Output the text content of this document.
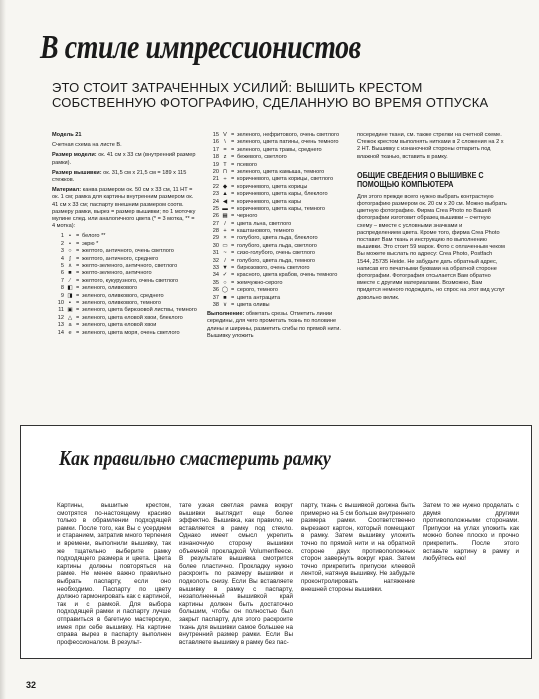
В стиле импрессионистов
ЭТО СТОИТ ЗАТРАЧЕННЫХ УСИЛИЙ: ВЫШИТЬ КРЕСТОМ СОБСТВЕННУЮ ФОТОГРАФИЮ, СДЕЛАННУЮ ВО ВРЕМЯ ОТПУСКА
Модель 21
Счетная схема на листе В.
Размер модели: ок. 41 см х 33 см (внутренний размер рамки).
Размер вышивки: ок. 31,5 см х 21,5 см = 189 х 115 стежков.
Материал: канва размером ок. 50 см х 33 см, 11 НТ = ок. 1 см; рамка для картины внутренним размером ок. 41 см х 33 см; паспарту внешним размером соотв. размеру рамки, вырез = размер вышивки; по 1 моточку мулине след. или аналогичного цвета (* = 3 мотка, ** = 4 мотка):
1 • = белого **
2 • = экрю *
3 ○ = желтого, античного, очень светлого
4 ʃ = желтого, античного, среднего
5 ∧ = желто-зеленого, античного, светлого
6 ■ = желто-зеленого, античного
7 ⁄ = желтого, кукурузного, очень светлого
8 ◧ = зеленого, оливкового
9 ◨ = зеленого, оливкового, среднего
10 ▪ = зеленого, оливкового, темного
11 ▣ = зеленого, цвета бирюзовой листвы, темного
12 △ = зеленого, цвета еловой хвои, блеклого
13 a = зеленого, цвета еловой хвои
14 e = зеленого, цвета моря, очень светлого
15 V = зеленого, нефритового, очень светлого
16 \ = зеленого, цвета патины, очень темного
17 = = зеленого, цвета травы, среднего
18 z = бежевого, светлого
19 T = псевого
20 ⊓ = зеленого, цвета камыша, темного
21 ÷ = коричневого, цвета корицы, светлого
22 ◆ = коричневого, цвета корицы
23 ▲ = коричневого, цвета кары, блеклого
24 ◀ = коричневого, цвета кары
25 ▬ = коричневого, цвета кары, темного
26 ▦ = черного
27 / = цвета льна, светлого
28 + = каштанового, темного
29 × = голубого, цвета льда, блеклого
30 ▭ = голубого, цвета льда, светлого
31 ~ = сизо-голубого, очень светлого
32 / = голубого, цвета льда, темного
33 ▼ = бирюзового, очень светлого
34 ✓ = красного, цвета крабов, очень темного
35 ○ = жемчужно-серого
36 ◯ = серого, темного
37 ■ = цвета антрацита
38 ∨ = цвета оливы
Выполнение: обметать срезы. Отметить линии середины, для чего прометать ткань по половине длины и ширины, разметить сгибы по прямой нити. Вышивку уложить
посередине ткани, см. также стрелки на счетной схеме. Стежок крестом выполнять нитками в 2 сложения на 2 х 2 НТ. Вышивку с изнаночной стороны отпарить под влажной тканью, вставить в рамку.
ОБЩИЕ СВЕДЕНИЯ О ВЫШИВКЕ С ПОМОЩЬЮ КОМПЬЮТЕРА
Для этого прежде всего нужно выбрать контрастную фотографию размером ок. 20 см х 20 см. Можно выбрать цветную фотографию. Фирма Crea Photo по Вашей фотографии изготовит образец вышивки – счетную схему – вместе с условными значками и распределением цвета. Кроме того, фирма Crea Photo поставит Вам ткань и инструкцию по выполнению вышивки. Это стоит 59 марок. Фото с оплаченным чеком Вы можете выслать по адресу: Crea Photo, Postfach 1544, 25735 Heide. Не забудьте дать обратный адрес, написав его печатными буквами на обратной стороне фотографии. Фотография отсылается Вам обратно вместе с другими материалами. Возможно, Вам придется немного подождать, но спрос на этот вид услуг довольно велик.
Как правильно смастерить рамку
Картины, вышитые крестом, смотрятся по-настоящему красиво только в обрамлении подходящей рамки. После того, как Вы с усердием и старанием, затратив много терпения и времени, выполнили вышивку, так же тщательно выберите рамку подходящего размера и цвета. Цвета картины должны повторяться на рамке. Не менее важно правильно выбрать паспарту, если оно необходимо. Паспарту по цвету должно гармонировать как с картиной, так и с рамкой. Для выбора подходящей рамки и паспарту лучше отправиться в багетную мастерскую, имея при себе вышивку. На картине справа вырез в паспарту выполнен профессионалом. В результ-
тате узкая светлая рамка вокруг вышивки выглядит еще более эффектно. Вышивка, как правило, не вставляется в рамку под стекло. Однако имеет смысл укрепить изнаночную сторону вышивки объемной прокладкой Volumenfleece. В результате вышивка смотрится более пластично. Прокладку нужно раскроить по размеру вышивки и подколоть снизу. Если Вы вставляете вышивку в рамку с паспарту, незаполненный вышивкой край картины должен быть достаточно большим, чтобы он полностью был закрыт паспарту, для этого раскроите ткань для вышивки самое большее на внутренний размер рамки. Если Вы вставляете вышивку в рамку без пас-
парту, ткань с вышивкой должна быть примерно на 5 см больше внутреннего размера рамки. Соответственно вырезают картон, который помещают в рамку. Затем вышивку уложить точно по прямой нити и на обратной стороне двух противоположных сторон завернуть вокруг края. Затем точно прикрепить припуски клеевой лентой, натянув вышивку. Не забудьте проконтролировать натяжение внешней стороны вышивки.
Затем то же нужно проделать с двумя другими противоположными сторонами. Припуски на углах уложить как можно более плоско и прочно прикрепить. После этого вставьте картину в рамку и любуйтесь ею!
32
